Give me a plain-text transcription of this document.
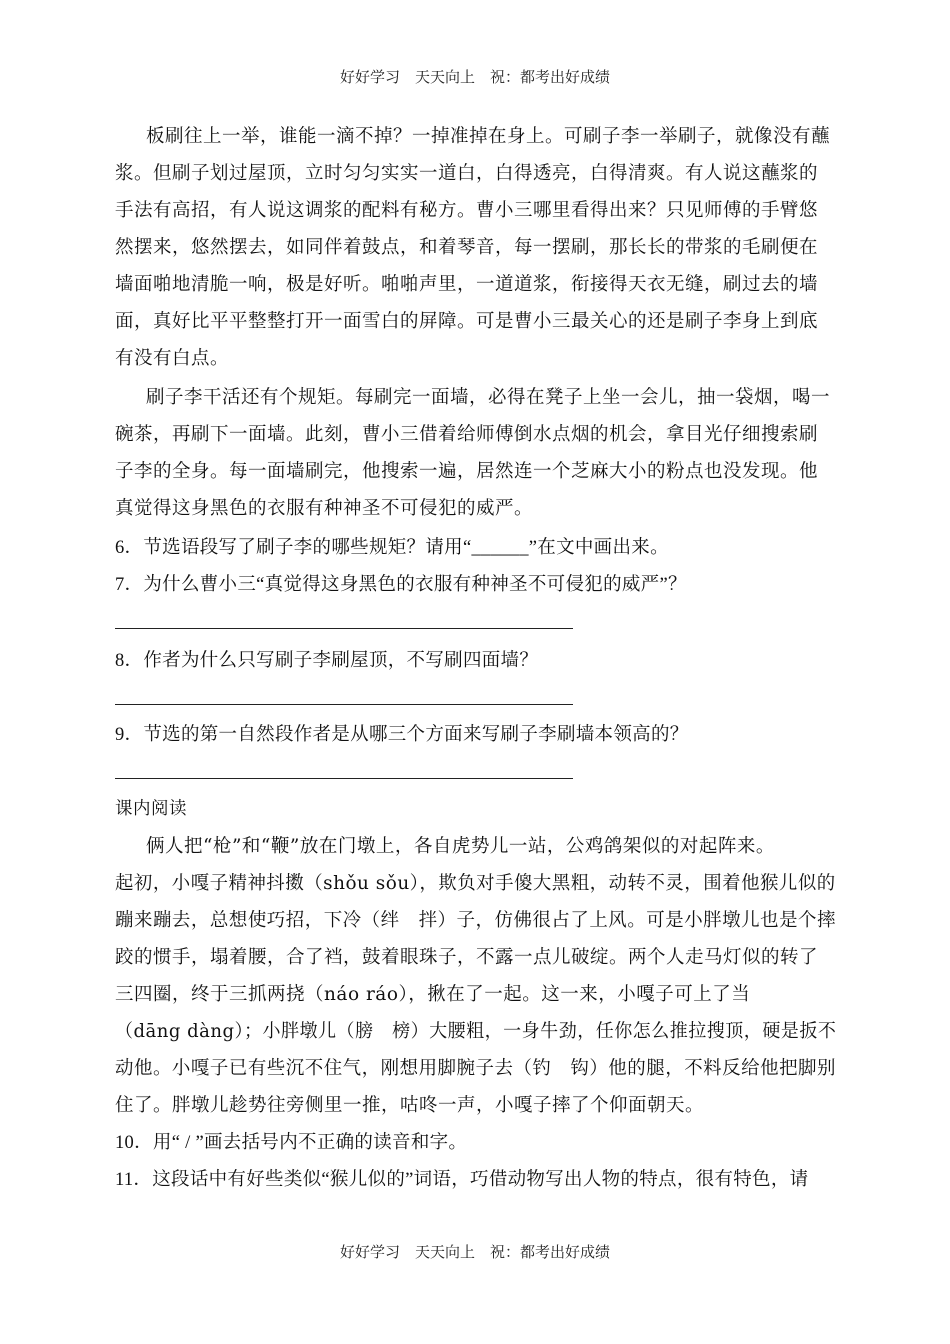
好好学习　天天向上　祝：都考出好成绩
板刷往上一举，谁能一滴不掉？一掉准掉在身上。可刷子李一举刷子，就像没有蘸
浆。但刷子划过屋顶，立时匀匀实实一道白，白得透亮，白得清爽。有人说这蘸浆的
手法有高招，有人说这调浆的配料有秘方。曹小三哪里看得出来？只见师傅的手臂悠
然摆来，悠然摆去，如同伴着鼓点，和着琴音，每一摆刷，那长长的带浆的毛刷便在
墙面啪地清脆一响，极是好听。啪啪声里，一道道浆，衔接得天衣无缝，刷过去的墙
面，真好比平平整整打开一面雪白的屏障。可是曹小三最关心的还是刷子李身上到底
有没有白点。
刷子李干活还有个规矩。每刷完一面墙，必得在凳子上坐一会儿，抽一袋烟，喝一
碗茶，再刷下一面墙。此刻，曹小三借着给师傅倒水点烟的机会，拿目光仔细搜索刷
子李的全身。每一面墙刷完，他搜索一遍，居然连一个芝麻大小的粉点也没发现。他
真觉得这身黑色的衣服有种神圣不可侵犯的威严。
6．节选语段写了刷子李的哪些规矩？请用“______”在文中画出来。
7．为什么曹小三“真觉得这身黑色的衣服有种神圣不可侵犯的威严”？
8．作者为什么只写刷子李刷屋顶，不写刷四面墙？
9．节选的第一自然段作者是从哪三个方面来写刷子李刷墙本领高的？
课内阅读
俩人把“枪”和“鞭”放在门墩上，各自虎势儿一站，公鸡鸽架似的对起阵来。
起初，小嘎子精神抖擞（shǒu sǒu），欺负对手傻大黑粗，动转不灵，围着他猴儿似的
蹦来蹦去，总想使巧招，下冷（绊　拌）子，仿佛很占了上风。可是小胖墩儿也是个摔
跤的惯手，塌着腰，合了裆，鼓着眼珠子，不露一点儿破绽。两个人走马灯似的转了
三四圈，终于三抓两挠（náo ráo），揪在了一起。这一来，小嘎子可上了当
（dāng dàng）；小胖墩儿（膀　榜）大腰粗，一身牛劲，任你怎么推拉搜顶，硬是扳不
动他。小嘎子已有些沉不住气，刚想用脚腕子去（钓　钩）他的腿，不料反给他把脚别
住了。胖墩儿趁势往旁侧里一推，咕咚一声，小嘎子摔了个仰面朝天。
10．用“ / ”画去括号内不正确的读音和字。
11．这段话中有好些类似“猴儿似的”词语，巧借动物写出人物的特点，很有特色，请
好好学习　天天向上　祝：都考出好成绩
